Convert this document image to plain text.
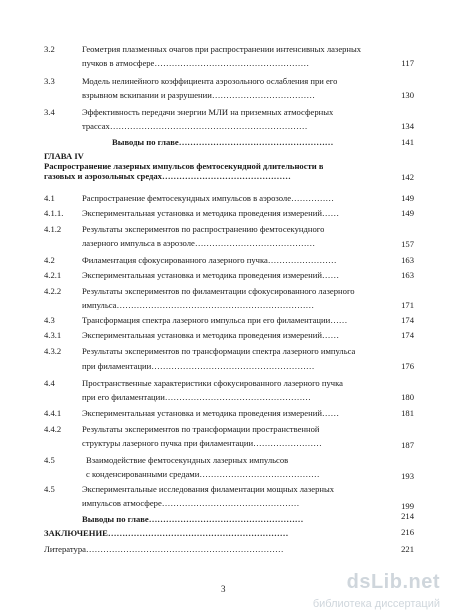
3.2	Геометрия плазменных очагов при распространении интенсивных лазерных
пучков в атмосфере………………………………………………	117
3.3	Модель нелинейного коэффициента аэрозольного ослабления при его
взрывном вскипании и разрушении………………………………	130
3.4	Эффективность передачи энергии МЛИ на приземных атмосферных
трассах……………………………………………………………	134
Выводы по главе………………………………………………	141
ГЛАВА IV
Распространение лазерных импульсов фемтосекундной длительности в
газовых и аэрозольных средах………………………………………	142
4.1	Распространение фемтосекундных импульсов в аэрозоле……………	149
4.1.1. Экспериментальная установка и методика проведения измерений……	149
4.1.2 Результаты экспериментов по распространению фемтосекундного
лазерного импульса в аэрозоле……………………………………	157
4.2	Филаментация сфокусированного лазерного пучка……………………	163
4.2.1 Экспериментальная установка и методика проведения измерений……	163
4.2.2 Результаты экспериментов по филаментации сфокусированного лазерного
импульса……………………………………………………………	171
4.3	Трансформация спектра лазерного импульса при его филаментации……	174
4.3.1 Экспериментальная установка и методика проведения измерений……	174
4.3.2 Результаты экспериментов по трансформации спектра лазерного импульса
при филаментации…………………………………………………	176
4.4	Пространственные характеристики сфокусированного лазерного пучка
при его филаментации……………………………………………	180
4.4.1 Экспериментальная установка и методика проведения измерений……	181
4.4.2 Результаты экспериментов по трансформации пространственной
структуры лазерного пучка при филаментации……………………	187
4.5	Взаимодействие фемтосекундных лазерных импульсов
с конденсированными средами……………………………………	193
4.5	Экспериментальные исследования филаментации мощных лазерных
импульсов атмосфере…………………………………………	199
Выводы по главе………………………………………………	214
ЗАКЛЮЧЕНИЕ………………………………………………………	216
Литература……………………………………………………………	221
3	dsLib.net
библиотека диссертаций
